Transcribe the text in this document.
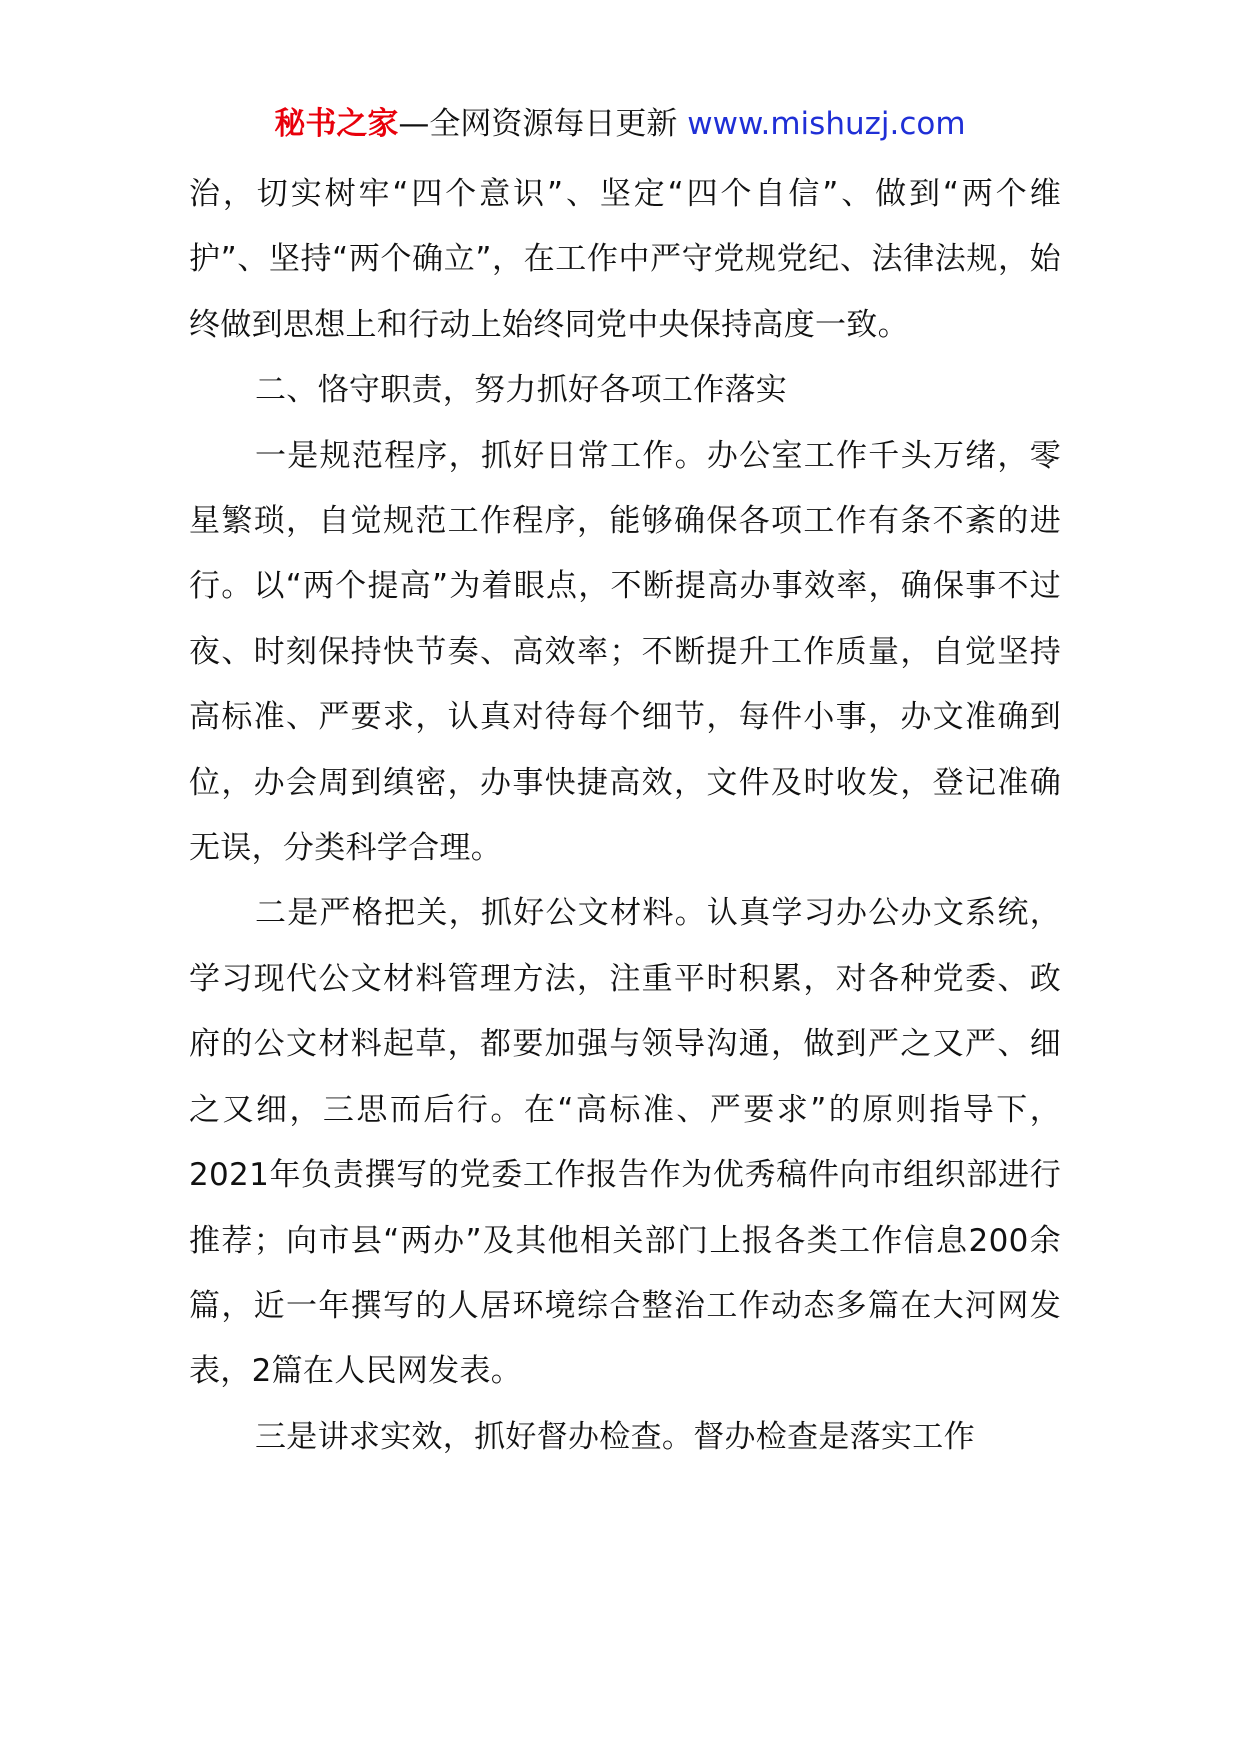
秘书之家—全网资源每日更新 www.mishuzj.com

治，切实树牢“四个意识”、坚定“四个自信”、做到“两个维护”、坚持“两个确立”，在工作中严守党规党纪、法律法规，始终做到思想上和行动上始终同党中央保持高度一致。

二、恪守职责，努力抓好各项工作落实

一是规范程序，抓好日常工作。办公室工作千头万绪，零星繁琐，自觉规范工作程序，能够确保各项工作有条不紊的进行。以“两个提高”为着眼点，不断提高办事效率，确保事不过夜、时刻保持快节奏、高效率；不断提升工作质量，自觉坚持高标准、严要求，认真对待每个细节，每件小事，办文准确到位，办会周到缜密，办事快捷高效，文件及时收发，登记准确无误，分类科学合理。

二是严格把关，抓好公文材料。认真学习办公办文系统，学习现代公文材料管理方法，注重平时积累，对各种党委、政府的公文材料起草，都要加强与领导沟通，做到严之又严、细之又细，三思而后行。在“高标准、严要求”的原则指导下，2021年负责撰写的党委工作报告作为优秀稿件向市组织部进行推荐；向市县“两办”及其他相关部门上报各类工作信息200余篇，近一年撰写的人居环境综合整治工作动态多篇在大河网发表，2篇在人民网发表。

三是讲求实效，抓好督办检查。督办检查是落实工作
